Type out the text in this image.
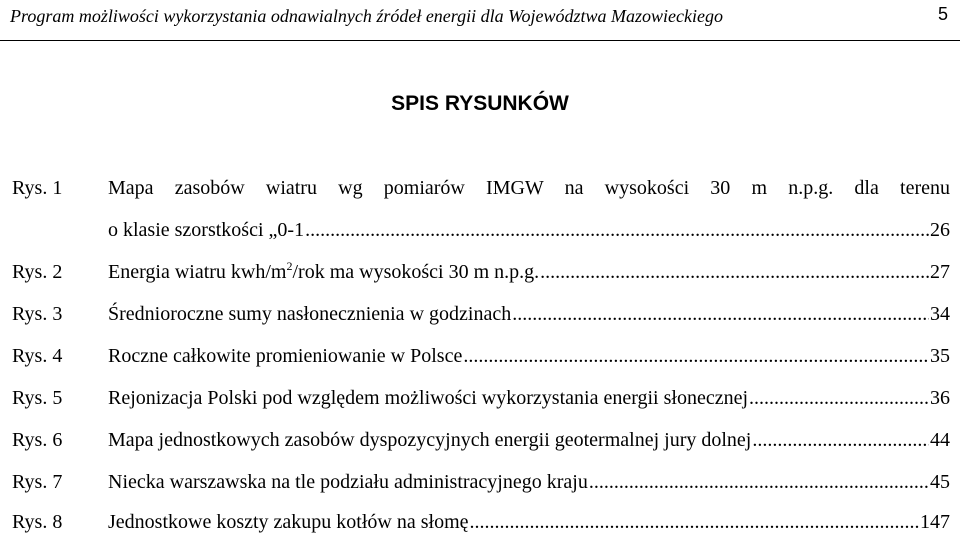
Program możliwości wykorzystania odnawialnych źródeł energii dla Województwa Mazowieckiego	5
SPIS RYSUNKÓW
Rys. 1 Mapa zasobów wiatru wg pomiarów IMGW na wysokości 30 m n.p.g. dla terenu
o klasie szorstkości „0-1 .....	26
Rys. 2 Energia wiatru kwh/$m^2$/rok ma wysokości 30 m n.p.g. .....	27
Rys. 3 Średnioroczne sumy nasłonecznienia w godzinach .....	34
Rys. 4 Roczne całkowite promieniowanie w Polsce .....	35
Rys. 5 Rejonizacja Polski pod względem możliwości wykorzystania energii słonecznej .....	36
Rys. 6 Mapa jednostkowych zasobów dyspozycyjnych energii geotermalnej jury dolnej .....	44
Rys. 7 Niecka warszawska na tle podziału administracyjnego kraju .....	45
Rys. 8 Jednostkowe koszty zakupu kotłów na słomę .....	147
